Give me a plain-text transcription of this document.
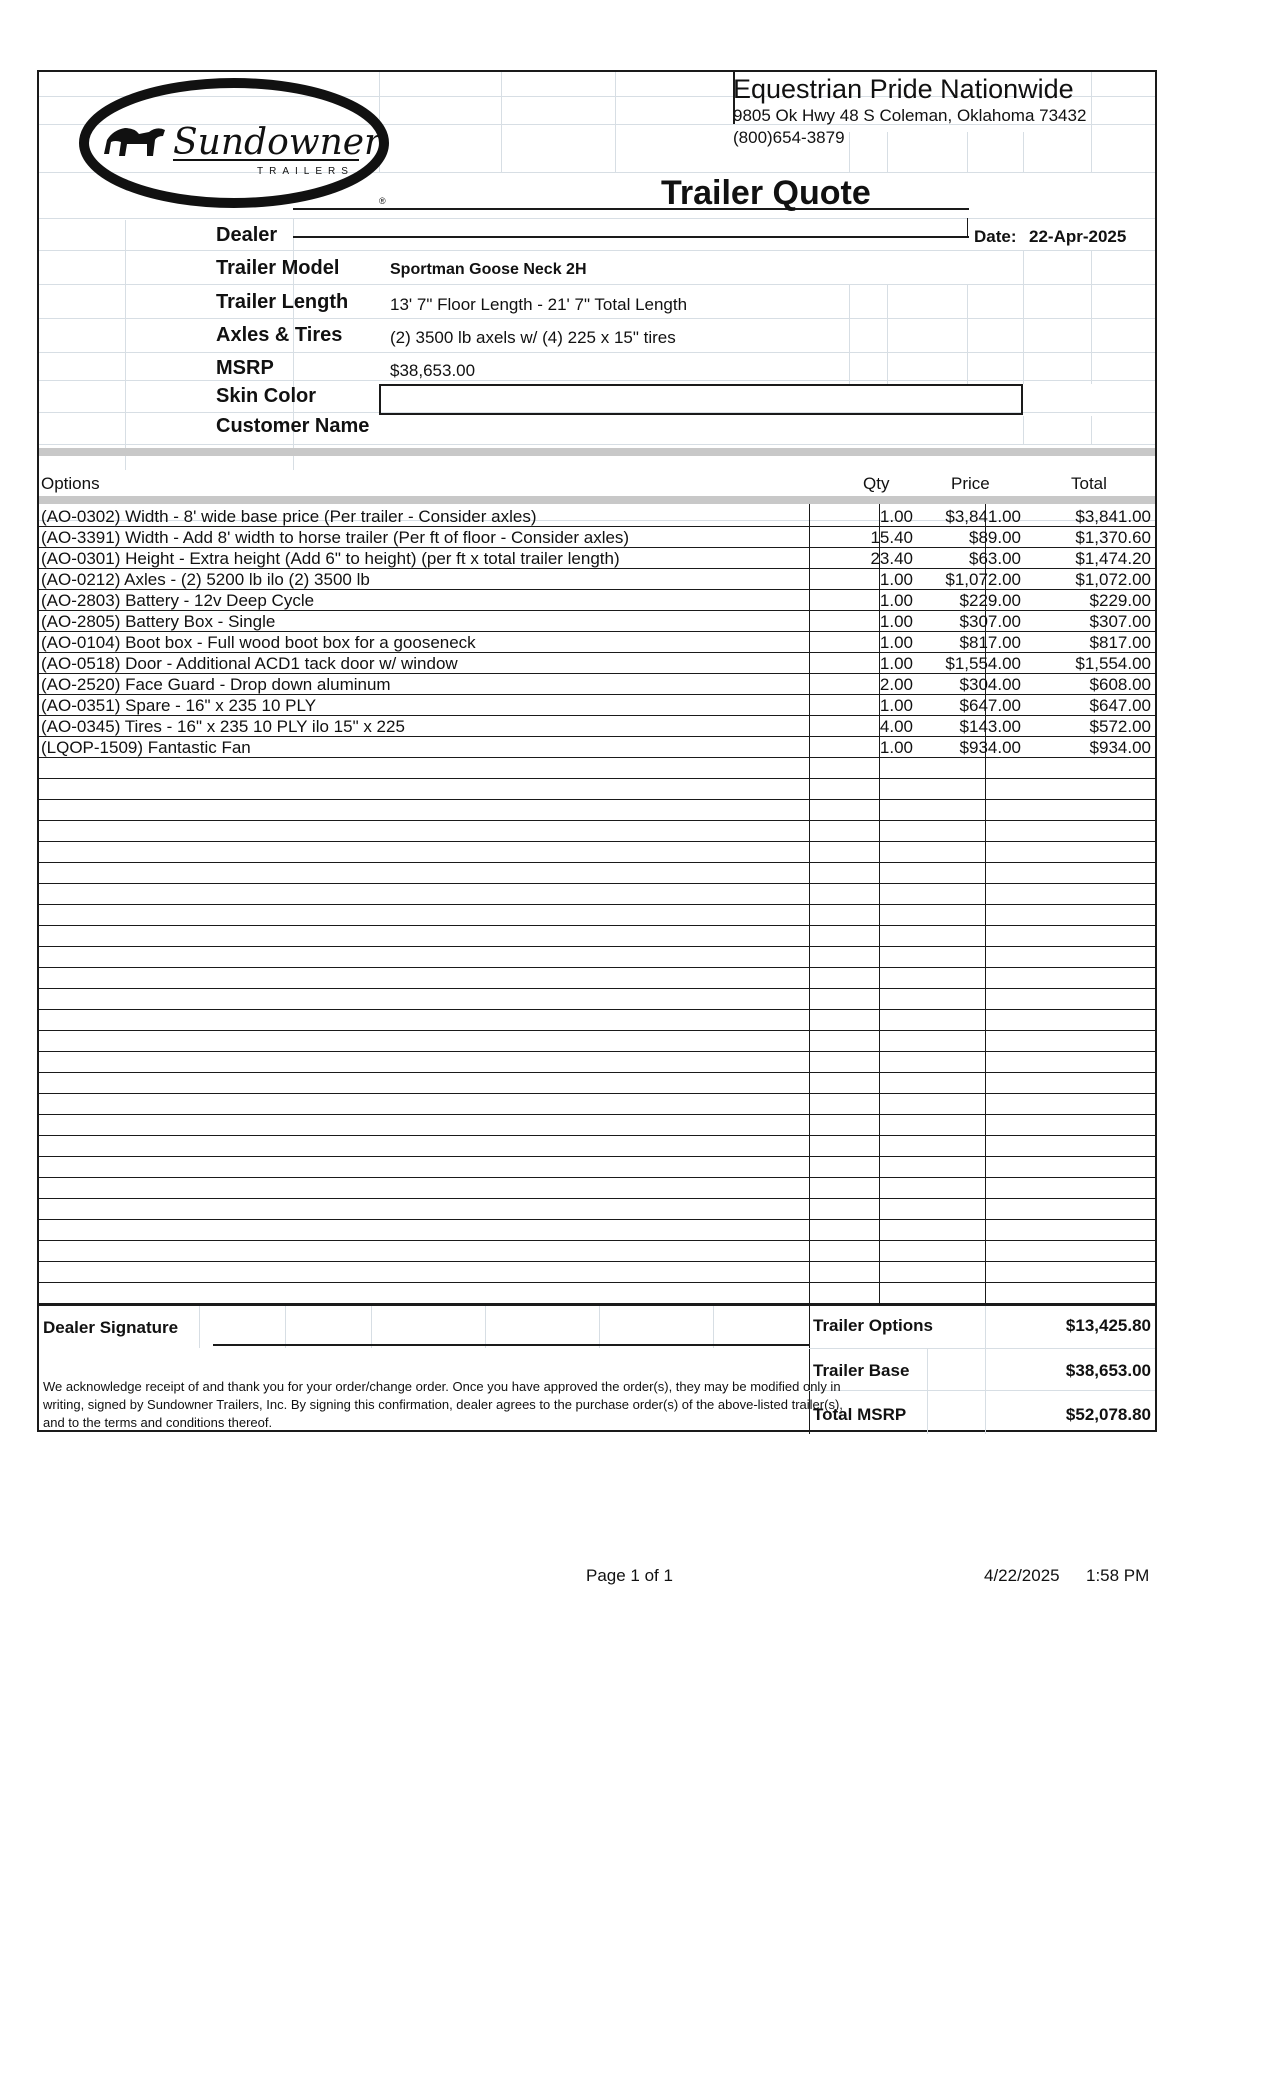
Sundowner
TRAILERS
®
Equestrian Pride Nationwide
9805 Ok Hwy 48 S Coleman, Oklahoma 73432
(800)654-3879
Trailer Quote
Dealer	Date: 22-Apr-2025
Trailer Model	Sportman Goose Neck 2H
Trailer Length 13' 7" Floor Length - 21' 7" Total Length
Axles & Tires	(2) 3500 lb axels w/ (4) 225 x 15" tires
MSRP	$38,653.00
Skin Color
Customer Name
Options	Qty	Price	Total
(AO-0302) Width - 8' wide base price (Per trailer - Consider axles)	1.00	$3,841.00	$3,841.00
(AO-3391) Width - Add 8' width to horse trailer (Per ft of floor - Consider axles)	15.40	$89.00	$1,370.60
(AO-0301) Height - Extra height (Add 6" to height) (per ft x total trailer length)	23.40	$63.00	$1,474.20
(AO-0212) Axles - (2) 5200 lb ilo (2) 3500 lb	1.00	$1,072.00	$1,072.00
(AO-2803) Battery - 12v Deep Cycle	1.00	$229.00	$229.00
(AO-2805) Battery Box - Single	1.00	$307.00	$307.00
(AO-0104) Boot box - Full wood boot box for a gooseneck	1.00	$817.00	$817.00
(AO-0518) Door - Additional ACD1 tack door w/ window	1.00	$1,554.00	$1,554.00
(AO-2520) Face Guard - Drop down aluminum	2.00	$304.00	$608.00
(AO-0351) Spare - 16" x 235 10 PLY	1.00	$647.00	$647.00
(AO-0345) Tires - 16" x 235 10 PLY ilo 15" x 225	4.00	$143.00	$572.00
(LQOP-1509) Fantastic Fan	1.00	$934.00	$934.00
Dealer Signature
We acknowledge receipt of and thank you for your order/change order. Once you have approved the order(s), they may be modified only in writing, signed by Sundowner Trailers, Inc. By signing this confirmation, dealer agrees to the purchase order(s) of the above-listed trailer(s), and to the terms and conditions thereof.
Trailer Options	$13,425.80
Trailer Base	$38,653.00
Total MSRP	$52,078.80
Page 1 of 1	4/22/2025 1:58 PM
